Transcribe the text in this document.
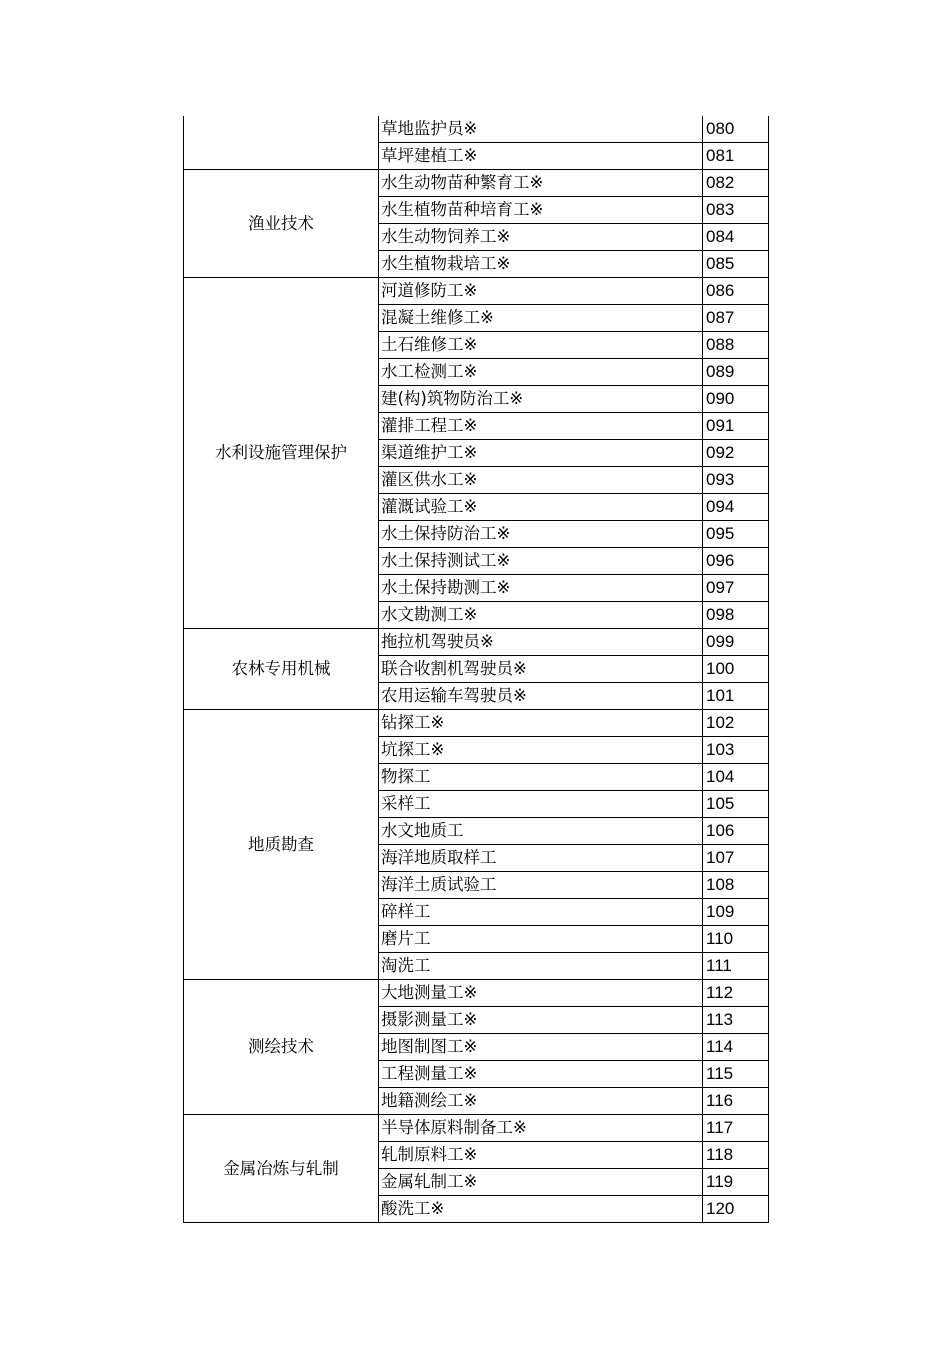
	草地监护员※	080
	草坪建植工※	081
渔业技术	水生动物苗种繁育工※	082
	水生植物苗种培育工※	083
	水生动物饲养工※	084
	水生植物栽培工※	085
水利设施管理保护	河道修防工※	086
	混凝土维修工※	087
	土石维修工※	088
	水工检测工※	089
	建(构)筑物防治工※	090
	灌排工程工※	091
	渠道维护工※	092
	灌区供水工※	093
	灌溉试验工※	094
	水土保持防治工※	095
	水土保持测试工※	096
	水土保持勘测工※	097
	水文勘测工※	098
农林专用机械	拖拉机驾驶员※	099
	联合收割机驾驶员※	100
	农用运输车驾驶员※	101
地质勘查	钻探工※	102
	坑探工※	103
	物探工	104
	采样工	105
	水文地质工	106
	海洋地质取样工	107
	海洋土质试验工	108
	碎样工	109
	磨片工	110
	淘洗工	111
测绘技术	大地测量工※	112
	摄影测量工※	113
	地图制图工※	114
	工程测量工※	115
	地籍测绘工※	116
金属冶炼与轧制	半导体原料制备工※	117
	轧制原料工※	118
	金属轧制工※	119
	酸洗工※	120
